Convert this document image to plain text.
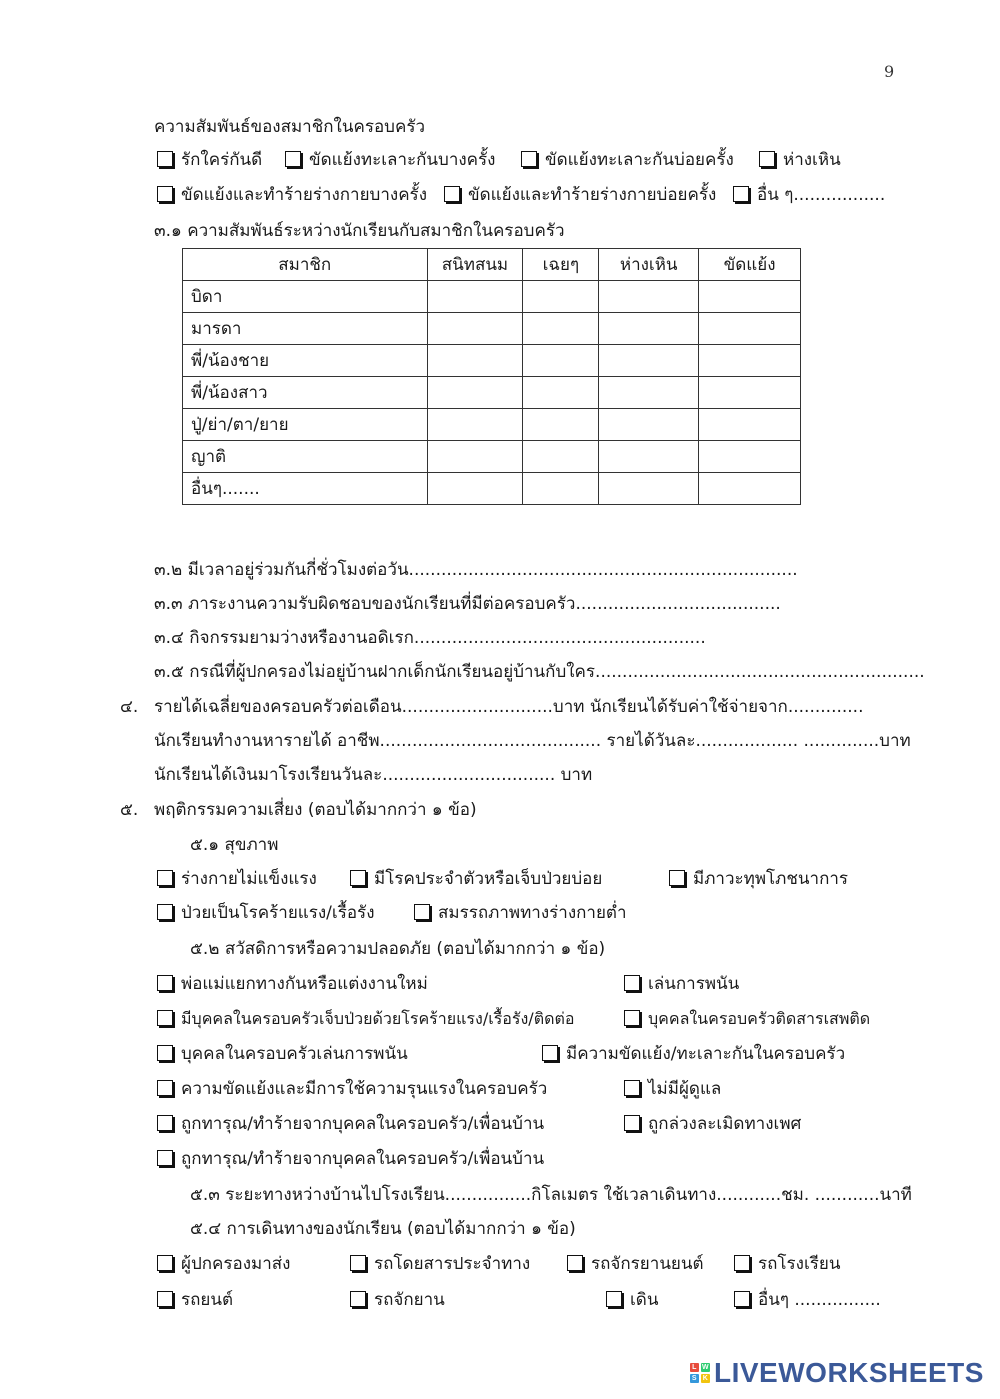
9
ความสัมพันธ์ของสมาชิกในครอบครัว
รักใคร่กันดี	ขัดแย้งทะเลาะกันบางครั้ง	ขัดแย้งทะเลาะกันบ่อยครั้ง	ห่างเหิน
ขัดแย้งและทำร้ายร่างกายบางครั้ง ขัดแย้งและทำร้ายร่างกายบ่อยครั้ง อื่น ๆ.................
๓.๑ ความสัมพันธ์ระหว่างนักเรียนกับสมาชิกในครอบครัว
สมาชิก	สนิทสนม	เฉยๆ	ห่างเหิน	ขัดแย้ง
บิดา				
มารดา				
พี่/น้องชาย				
พี่/น้องสาว				
ปู่/ย่า/ตา/ยาย				
ญาติ				
อื่นๆ.......				
๓.๒ มีเวลาอยู่ร่วมกันกี่ชั่วโมงต่อวัน........................................................................
๓.๓ ภาระงานความรับผิดชอบของนักเรียนที่มีต่อครอบครัว......................................
๓.๔ กิจกรรมยามว่างหรืองานอดิเรก......................................................
๓.๕ กรณีที่ผู้ปกครองไม่อยู่บ้านฝากเด็กนักเรียนอยู่บ้านกับใคร.............................................................
๔. รายได้เฉลี่ยของครอบครัวต่อเดือน............................บาท นักเรียนได้รับค่าใช้จ่ายจาก..............
นักเรียนทำงานหารายได้ อาชีพ......................................... รายได้วันละ................... ..............บาท
นักเรียนได้เงินมาโรงเรียนวันละ................................ บาท
๕. พฤติกรรมความเสี่ยง (ตอบได้มากกว่า ๑ ข้อ)
๕.๑ สุขภาพ
ร่างกายไม่แข็งแรง	มีโรคประจำตัวหรือเจ็บป่วยบ่อย	มีภาวะทุพโภชนาการ
ป่วยเป็นโรคร้ายแรง/เรื้อรัง	สมรรถภาพทางร่างกายต่ำ
๕.๒ สวัสดิการหรือความปลอดภัย (ตอบได้มากกว่า ๑ ข้อ)
พ่อแม่แยกทางกันหรือแต่งงานใหม่	เล่นการพนัน
มีบุคคลในครอบครัวเจ็บป่วยด้วยโรคร้ายแรง/เรื้อรัง/ติดต่อ	บุคคลในครอบครัวติดสารเสพติด
บุคคลในครอบครัวเล่นการพนัน	มีความขัดแย้ง/ทะเลาะกันในครอบครัว
ความขัดแย้งและมีการใช้ความรุนแรงในครอบครัว	ไม่มีผู้ดูแล
ถูกทารุณ/ทำร้ายจากบุคคลในครอบครัว/เพื่อนบ้าน	ถูกล่วงละเมิดทางเพศ
ถูกทารุณ/ทำร้ายจากบุคคลในครอบครัว/เพื่อนบ้าน
๕.๓ ระยะทางหว่างบ้านไปโรงเรียน................กิโลเมตร ใช้เวลาเดินทาง............ชม. ............นาที
๕.๔ การเดินทางของนักเรียน (ตอบได้มากกว่า ๑ ข้อ)
ผู้ปกครองมาส่ง	รถโดยสารประจำทาง	รถจักรยานยนต์	รถโรงเรียน
รถยนต์	รถจักยาน	เดิน	อื่นๆ ................
L W
S K LIVEWORKSHEETS
